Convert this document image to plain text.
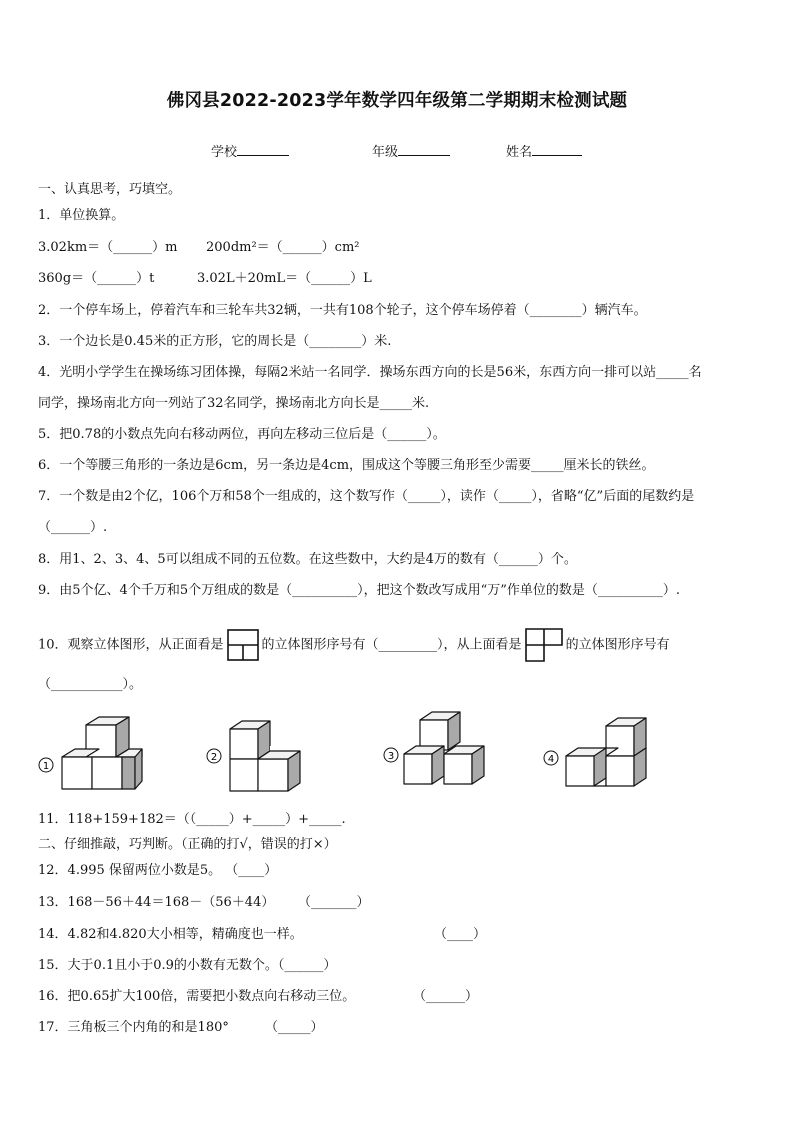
佛冈县2022-2023学年数学四年级第二学期期末检测试题
学校	年级	姓名
一、认真思考，巧填空。
1．单位换算。
3.02km＝（______）m 200dm²＝（______）cm²
360g＝（______）t	3.02L＋20mL＝（______）L
2．一个停车场上，停着汽车和三轮车共32辆，一共有108个轮子，这个停车场停着（________）辆汽车。
3．一个边长是0.45米的正方形，它的周长是（________）米.
4．光明小学学生在操场练习团体操，每隔2米站一名同学．操场东西方向的长是56米，东西方向一排可以站_____名
同学，操场南北方向一列站了32名同学，操场南北方向长是_____米.
5．把0.78的小数点先向右移动两位，再向左移动三位后是（______）。
6．一个等腰三角形的一条边是6cm，另一条边是4cm，围成这个等腰三角形至少需要_____厘米长的铁丝。
7．一个数是由2个亿，106个万和58个一组成的，这个数写作（_____），读作（_____），省略“亿”后面的尾数约是
（______）.
8．用1、2、3、4、5可以组成不同的五位数。在这些数中，大约是4万的数有（______）个。
9．由5个亿、4个千万和5个万组成的数是（__________），把这个数改写成用“万”作单位的数是（__________）.
10．观察立体图形，从正面看是	的立体图形序号有（_________），从上面看是	的立体图形序号有
（___________）。
1
2	3	4
11．118+159+182＝（（_____）+_____）+_____.
二、仔细推敲，巧判断。（正确的打√，错误的打×）
12．4.995 保留两位小数是5。 （____）
13．168－56＋44＝168－（56＋44） （_______）
14．4.82和4.820大小相等，精确度也一样。	（____）
15．大于0.1且小于0.9的小数有无数个。（______）
16．把0.65扩大100倍，需要把小数点向右移动三位。	（______）
17．三角板三个内角的和是180°	（_____）
